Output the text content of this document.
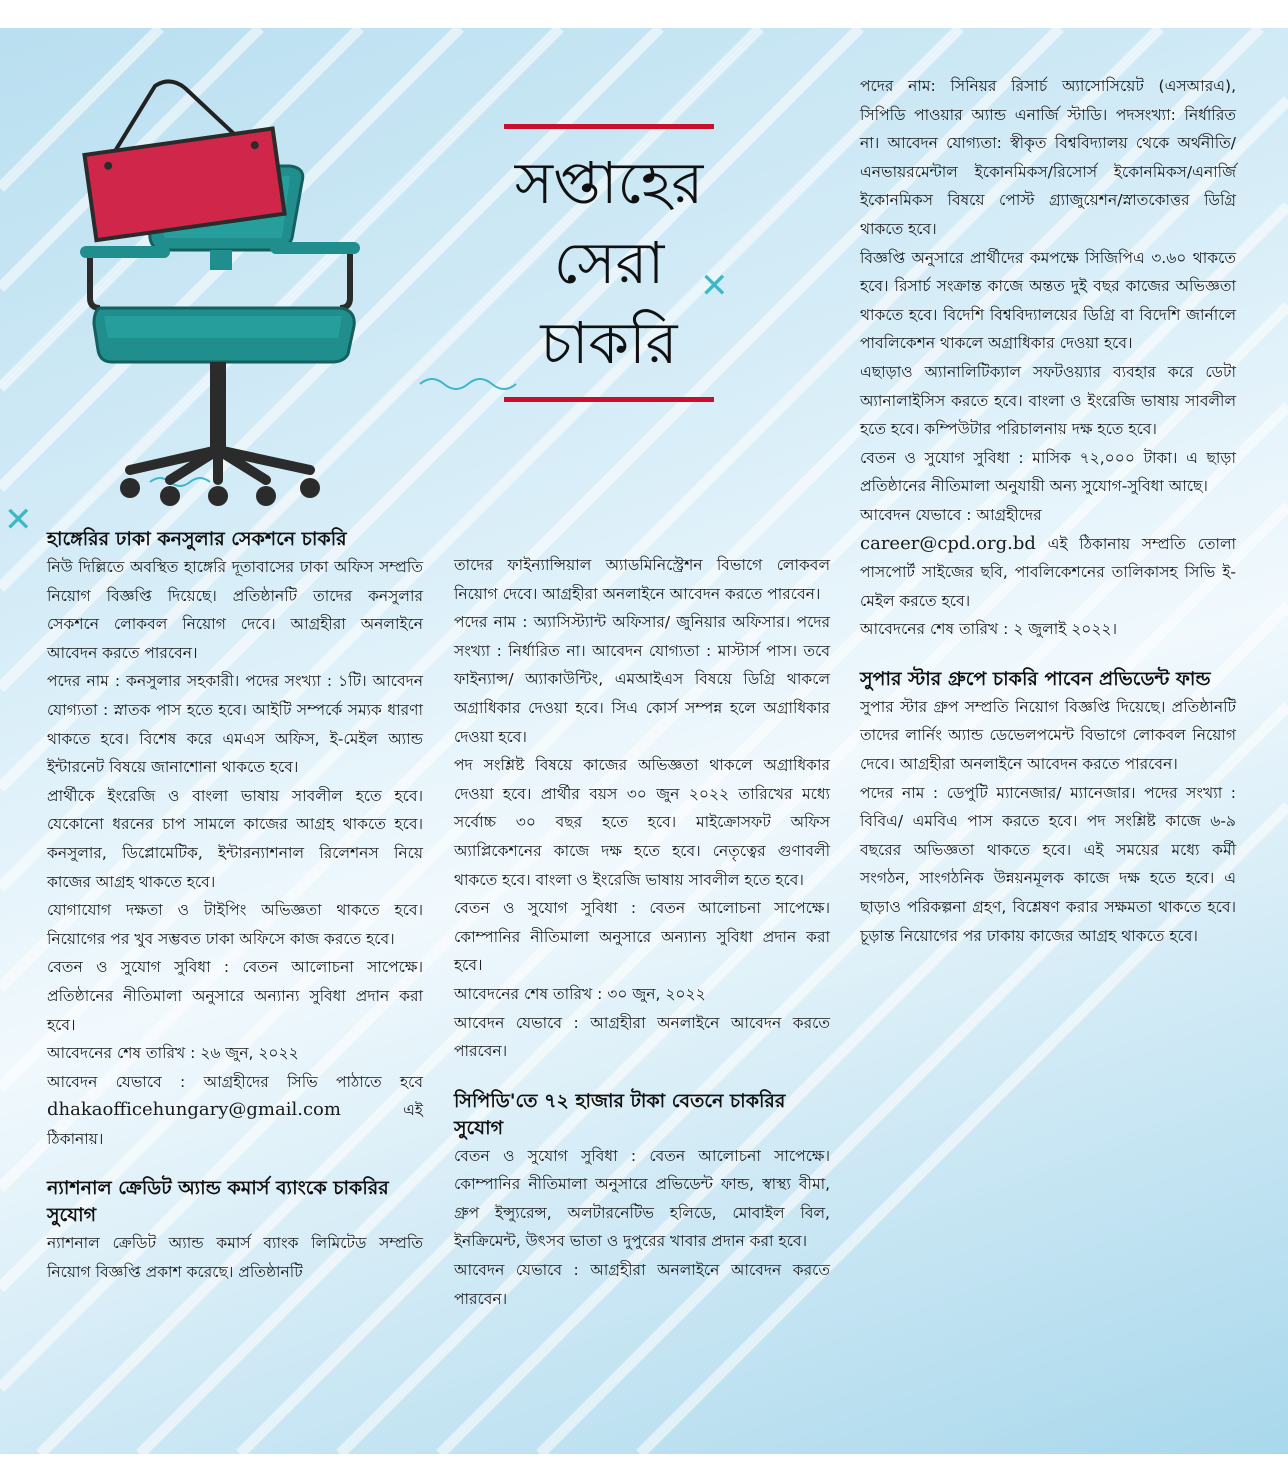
✕
✕
সপ্তাহের
সেরা
চাকরি
হাঙ্গেরির ঢাকা কনসুলার সেকশনে চাকরি

নিউ দিল্লিতে অবস্থিত হাঙ্গেরি দূতাবাসের ঢাকা অফিস সম্প্রতি নিয়োগ বিজ্ঞপ্তি দিয়েছে। প্রতিষ্ঠানটি তাদের কনসুলার সেকশনে লোকবল নিয়োগ দেবে। আগ্রহীরা অনলাইনে আবেদন করতে পারবেন।

পদের নাম : কনসুলার সহকারী। পদের সংখ্যা : ১টি। আবেদন যোগ্যতা : স্নাতক পাস হতে হবে। আইটি সম্পর্কে সম্যক ধারণা থাকতে হবে। বিশেষ করে এমএস অফিস, ই-মেইল অ্যান্ড ইন্টারনেট বিষয়ে জানাশোনা থাকতে হবে।

প্রার্থীকে ইংরেজি ও বাংলা ভাষায় সাবলীল হতে হবে। যেকোনো ধরনের চাপ সামলে কাজের আগ্রহ থাকতে হবে। কনসুলার, ডিপ্লোমেটিক, ইন্টারন্যাশনাল রিলেশনস নিয়ে কাজের আগ্রহ থাকতে হবে।

যোগাযোগ দক্ষতা ও টাইপিং অভিজ্ঞতা থাকতে হবে। নিয়োগের পর খুব সম্ভবত ঢাকা অফিসে কাজ করতে হবে।

বেতন ও সুযোগ সুবিধা : বেতন আলোচনা সাপেক্ষে। প্রতিষ্ঠানের নীতিমালা অনুসারে অন্যান্য সুবিধা প্রদান করা হবে।

আবেদনের শেষ তারিখ : ২৬ জুন, ২০২২

আবেদন যেভাবে : আগ্রহীদের সিভি পাঠাতে হবে dhakaofficehungary@gmail.com	এই ঠিকানায়।

ন্যাশনাল ক্রেডিট অ্যান্ড কমার্স ব্যাংকে চাকরির সুযোগ

ন্যাশনাল ক্রেডিট অ্যান্ড কমার্স ব্যাংক লিমিটেড সম্প্রতি নিয়োগ বিজ্ঞপ্তি প্রকাশ করেছে। প্রতিষ্ঠানটি

তাদের ফাইন্যান্সিয়াল অ্যাডমিনিস্ট্রেশন বিভাগে লোকবল নিয়োগ দেবে। আগ্রহীরা অনলাইনে আবেদন করতে পারবেন।

পদের নাম : অ্যাসিস্ট্যান্ট অফিসার/ জুনিয়ার অফিসার। পদের সংখ্যা : নির্ধারিত না। আবেদন যোগ্যতা : মাস্টার্স পাস। তবে ফাইন্যান্স/ অ্যাকাউন্টিং, এমআইএস বিষয়ে ডিগ্রি থাকলে অগ্রাধিকার দেওয়া হবে। সিএ কোর্স সম্পন্ন হলে অগ্রাধিকার দেওয়া হবে।

পদ সংশ্লিষ্ট বিষয়ে কাজের অভিজ্ঞতা থাকলে অগ্রাধিকার দেওয়া হবে। প্রার্থীর বয়স ৩০ জুন ২০২২ তারিখের মধ্যে সর্বোচ্চ ৩০ বছর হতে হবে। মাইক্রোসফট অফিস অ্যাপ্লিকেশনের কাজে দক্ষ হতে হবে। নেতৃত্বের গুণাবলী থাকতে হবে। বাংলা ও ইংরেজি ভাষায় সাবলীল হতে হবে।

বেতন ও সুযোগ সুবিধা : বেতন আলোচনা সাপেক্ষে। কোম্পানির নীতিমালা অনুসারে অন্যান্য সুবিধা প্রদান করা হবে।

আবেদনের শেষ তারিখ : ৩০ জুন, ২০২২

আবেদন যেভাবে : আগ্রহীরা অনলাইনে আবেদন করতে পারবেন।

সিপিডি'তে ৭২ হাজার টাকা বেতনে চাকরির সুযোগ

বেতন ও সুযোগ সুবিধা : বেতন আলোচনা সাপেক্ষে। কোম্পানির নীতিমালা অনুসারে প্রভিডেন্ট ফান্ড, স্বাস্থ্য বীমা, গ্রুপ ইন্স্যুরেন্স, অলটারনেটিভ হলিডে, মোবাইল বিল, ইনক্রিমেন্ট, উৎসব ভাতা ও দুপুরের খাবার প্রদান করা হবে।

আবেদন যেভাবে : আগ্রহীরা অনলাইনে আবেদন করতে পারবেন।

পদের নাম: সিনিয়র রিসার্চ অ্যাসোসিয়েট (এসআরএ), সিপিডি পাওয়ার অ্যান্ড এনার্জি স্টাডি। পদসংখ্যা: নির্ধারিত না। আবেদন যোগ্যতা: স্বীকৃত বিশ্ববিদ্যালয় থেকে অর্থনীতি/এনভায়রমেন্টাল ইকোনমিকস/রিসোর্স ইকোনমিকস/এনার্জি ইকোনমিকস বিষয়ে পোস্ট গ্র্যাজুয়েশন/স্নাতকোত্তর ডিগ্রি থাকতে হবে।

বিজ্ঞপ্তি অনুসারে প্রার্থীদের কমপক্ষে সিজিপিএ ৩.৬০ থাকতে হবে। রিসার্চ সংক্রান্ত কাজে অন্তত দুই বছর কাজের অভিজ্ঞতা থাকতে হবে। বিদেশি বিশ্ববিদ্যালয়ের ডিগ্রি বা বিদেশি জার্নালে পাবলিকেশন থাকলে অগ্রাধিকার দেওয়া হবে।

এছাড়াও অ্যানালিটিক্যাল সফটওয়্যার ব্যবহার করে ডেটা অ্যানালাইসিস করতে হবে। বাংলা ও ইংরেজি ভাষায় সাবলীল হতে হবে। কম্পিউটার পরিচালনায় দক্ষ হতে হবে।

বেতন ও সুযোগ সুবিধা : মাসিক ৭২,০০০ টাকা। এ ছাড়া প্রতিষ্ঠানের নীতিমালা অনুযায়ী অন্য সুযোগ-সুবিধা আছে।

আবেদন যেভাবে : আগ্রহীদের
career@cpd.org.bd এই ঠিকানায় সম্প্রতি তোলা পাসপোর্ট সাইজের ছবি, পাবলিকেশনের তালিকাসহ সিভি ই-মেইল করতে হবে।

আবেদনের শেষ তারিখ : ২ জুলাই ২০২২।

সুপার স্টার গ্রুপে চাকরি পাবেন প্রভিডেন্ট ফান্ড

সুপার স্টার গ্রুপ সম্প্রতি নিয়োগ বিজ্ঞপ্তি দিয়েছে। প্রতিষ্ঠানটি তাদের লার্নিং অ্যান্ড ডেভেলপমেন্ট বিভাগে লোকবল নিয়োগ দেবে। আগ্রহীরা অনলাইনে আবেদন করতে পারবেন।

পদের নাম : ডেপুটি ম্যানেজার/ ম্যানেজার। পদের সংখ্যা : বিবিএ/ এমবিএ পাস করতে হবে। পদ সংশ্লিষ্ট কাজে ৬-৯ বছরের অভিজ্ঞতা থাকতে হবে। এই সময়ের মধ্যে কর্মী সংগঠন, সাংগঠনিক উন্নয়নমূলক কাজে দক্ষ হতে হবে। এ ছাড়াও পরিকল্পনা গ্রহণ, বিশ্লেষণ করার সক্ষমতা থাকতে হবে। চূড়ান্ত নিয়োগের পর ঢাকায় কাজের আগ্রহ থাকতে হবে।
